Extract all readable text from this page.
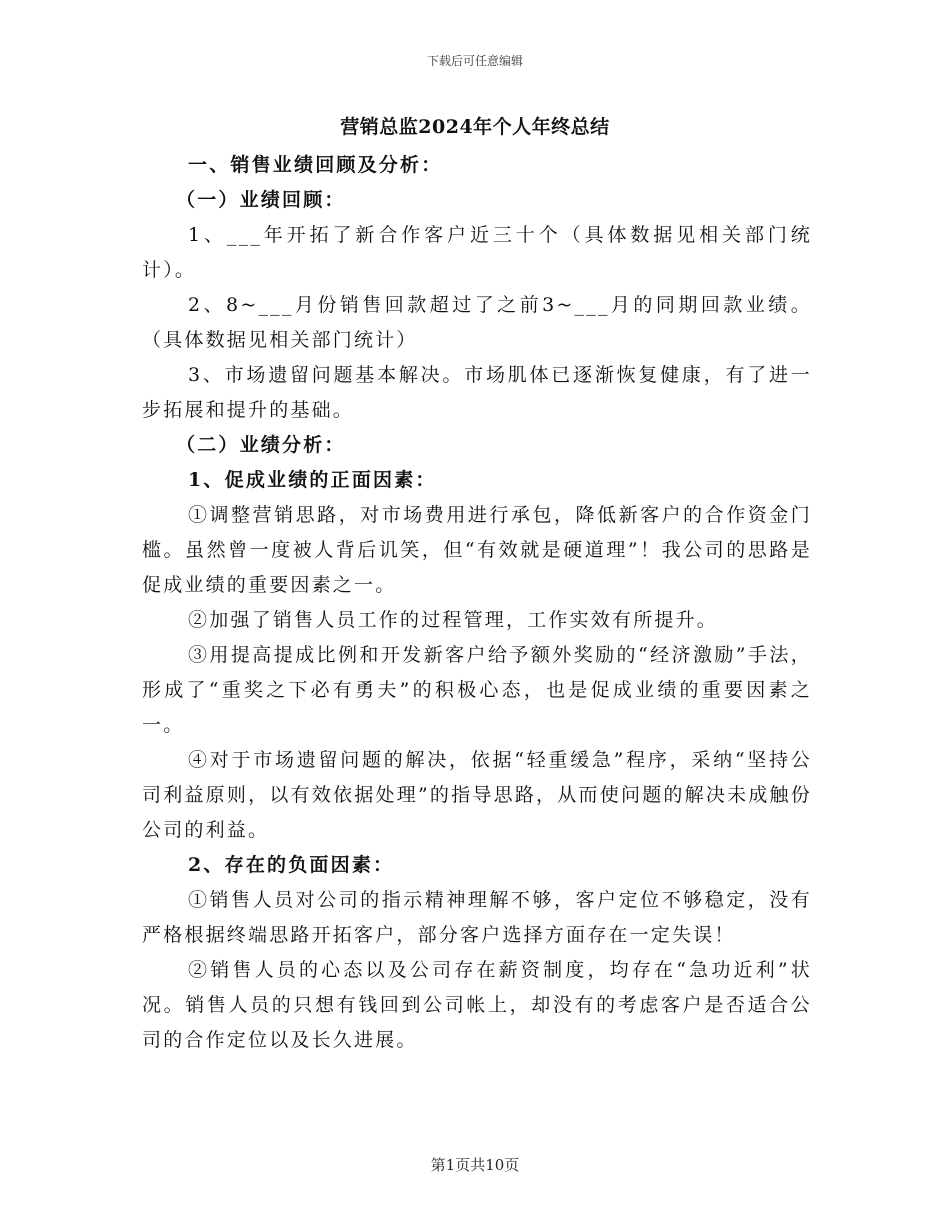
下载后可任意编辑
营销总监2024年个人年终总结

一、销售业绩回顾及分析：

（一）业绩回顾：

1、___年开拓了新合作客户近三十个（具体数据见相关部门统计）。

2、8~___月份销售回款超过了之前3~___月的同期回款业绩。（具体数据见相关部门统计）

3、市场遗留问题基本解决。市场肌体已逐渐恢复健康，有了进一步拓展和提升的基础。

（二）业绩分析：

1、促成业绩的正面因素：

①调整营销思路，对市场费用进行承包，降低新客户的合作资金门槛。虽然曾一度被人背后讥笑，但“有效就是硬道理”！我公司的思路是促成业绩的重要因素之一。

②加强了销售人员工作的过程管理，工作实效有所提升。

③用提高提成比例和开发新客户给予额外奖励的“经济激励”手法，形成了“重奖之下必有勇夫”的积极心态，也是促成业绩的重要因素之一。

④对于市场遗留问题的解决，依据“轻重缓急”程序，采纳“坚持公司利益原则，以有效依据处理”的指导思路，从而使问题的解决未成触份公司的利益。

2、存在的负面因素：

①销售人员对公司的指示精神理解不够，客户定位不够稳定，没有严格根据终端思路开拓客户，部分客户选择方面存在一定失误！

②销售人员的心态以及公司存在薪资制度，均存在“急功近利”状况。销售人员的只想有钱回到公司帐上，却没有的考虑客户是否适合公司的合作定位以及长久进展。

第1页共10页
